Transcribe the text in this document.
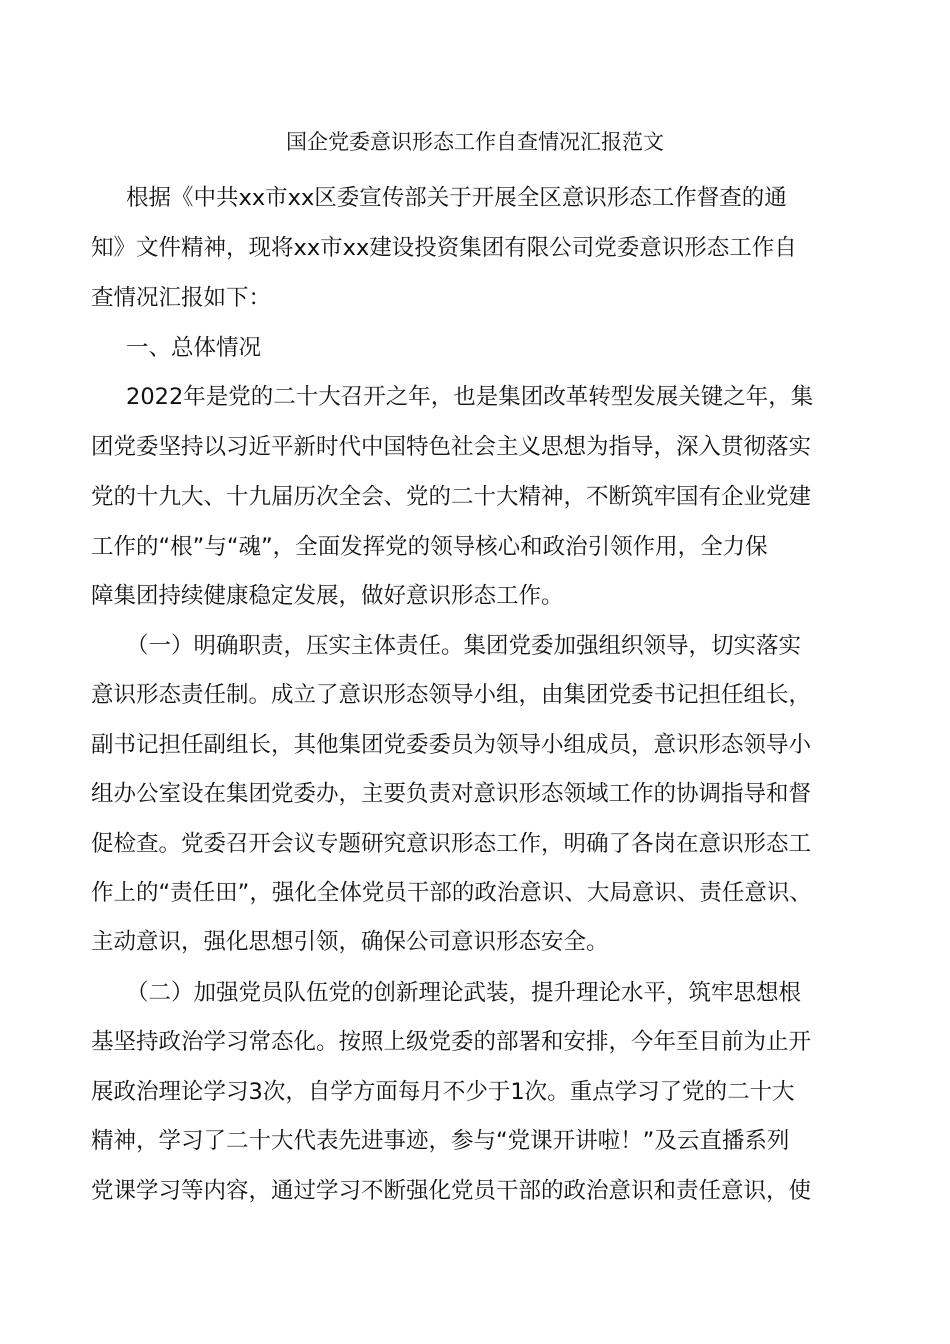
国企党委意识形态工作自查情况汇报范文
根据《中共xx市xx区委宣传部关于开展全区意识形态工作督查的通
知》文件精神，现将xx市xx建设投资集团有限公司党委意识形态工作自
查情况汇报如下：
一、总体情况
2022年是党的二十大召开之年，也是集团改革转型发展关键之年，集
团党委坚持以习近平新时代中国特色社会主义思想为指导，深入贯彻落实
党的十九大、十九届历次全会、党的二十大精神，不断筑牢国有企业党建
工作的“根”与“魂”，全面发挥党的领导核心和政治引领作用，全力保
障集团持续健康稳定发展，做好意识形态工作。
（一）明确职责，压实主体责任。集团党委加强组织领导，切实落实
意识形态责任制。成立了意识形态领导小组，由集团党委书记担任组长，
副书记担任副组长，其他集团党委委员为领导小组成员，意识形态领导小
组办公室设在集团党委办，主要负责对意识形态领域工作的协调指导和督
促检查。党委召开会议专题研究意识形态工作，明确了各岗在意识形态工
作上的“责任田”，强化全体党员干部的政治意识、大局意识、责任意识、
主动意识，强化思想引领，确保公司意识形态安全。
（二）加强党员队伍党的创新理论武装，提升理论水平，筑牢思想根
基坚持政治学习常态化。按照上级党委的部署和安排，今年至目前为止开
展政治理论学习3次，自学方面每月不少于1次。重点学习了党的二十大
精神，学习了二十大代表先进事迹，参与“党课开讲啦！”及云直播系列
党课学习等内容，通过学习不断强化党员干部的政治意识和责任意识，使
